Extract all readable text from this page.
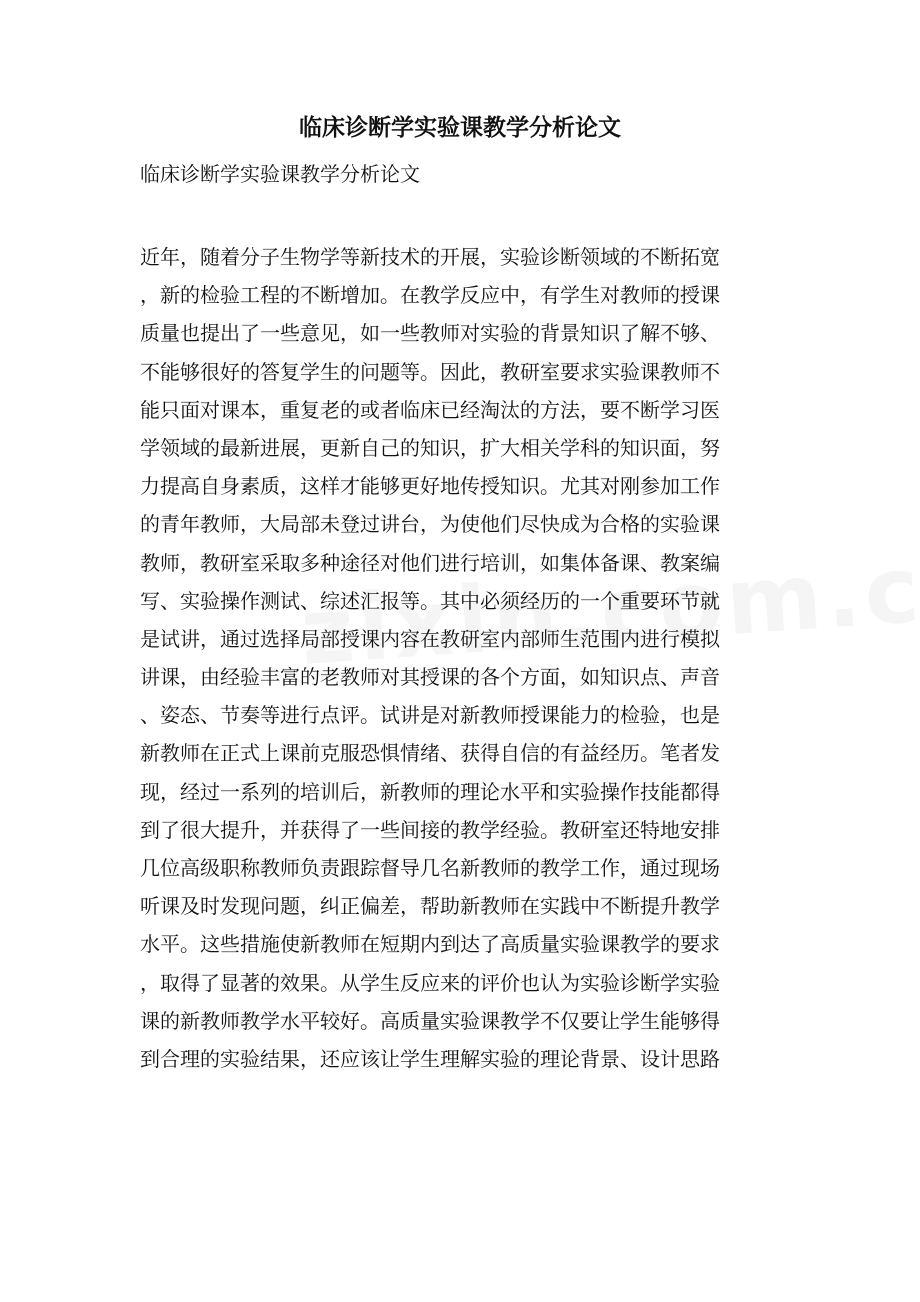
临床诊断学实验课教学分析论文
临床诊断学实验课教学分析论文
近年，随着分子生物学等新技术的开展，实验诊断领域的不断拓宽
，新的检验工程的不断增加。在教学反应中，有学生对教师的授课
质量也提出了一些意见，如一些教师对实验的背景知识了解不够、
不能够很好的答复学生的问题等。因此，教研室要求实验课教师不
能只面对课本，重复老的或者临床已经淘汰的方法，要不断学习医
学领域的最新进展，更新自己的知识，扩大相关学科的知识面，努
力提高自身素质，这样才能够更好地传授知识。尤其对刚参加工作
的青年教师，大局部未登过讲台，为使他们尽快成为合格的实验课
教师，教研室采取多种途径对他们进行培训，如集体备课、教案编
写、实验操作测试、综述汇报等。其中必须经历的一个重要环节就
是试讲，通过选择局部授课内容在教研室内部师生范围内进行模拟
讲课，由经验丰富的老教师对其授课的各个方面，如知识点、声音
、姿态、节奏等进行点评。试讲是对新教师授课能力的检验，也是
新教师在正式上课前克服恐惧情绪、获得自信的有益经历。笔者发
现，经过一系列的培训后，新教师的理论水平和实验操作技能都得
到了很大提升，并获得了一些间接的教学经验。教研室还特地安排
几位高级职称教师负责跟踪督导几名新教师的教学工作，通过现场
听课及时发现问题，纠正偏差，帮助新教师在实践中不断提升教学
水平。这些措施使新教师在短期内到达了高质量实验课教学的要求
，取得了显著的效果。从学生反应来的评价也认为实验诊断学实验
课的新教师教学水平较好。高质量实验课教学不仅要让学生能够得
到合理的实验结果，还应该让学生理解实验的理论背景、设计思路
